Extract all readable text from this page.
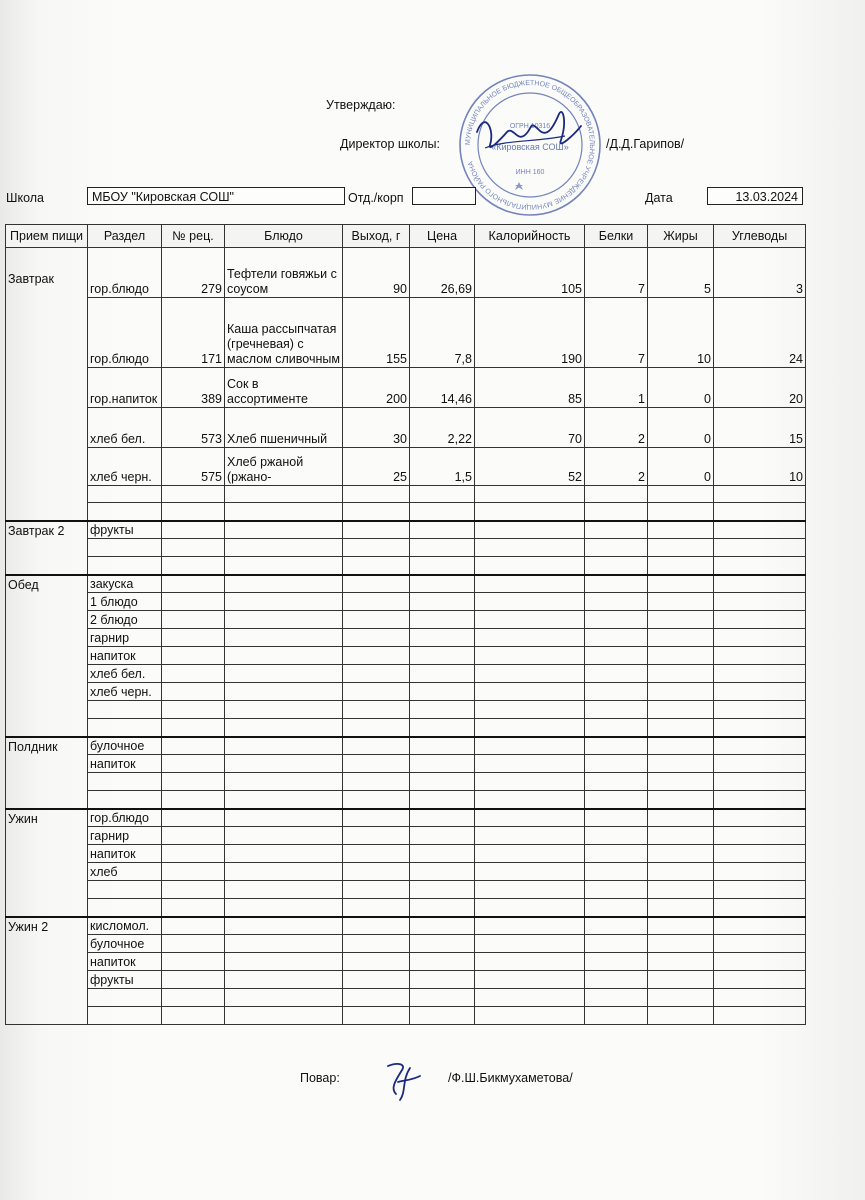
Утверждаю:
Директор школы:	/Д.Д.Гарипов/
МУНИЦИПАЛЬНОЕ БЮДЖЕТНОЕ ОБЩЕОБРАЗОВАТЕЛЬНОЕ УЧРЕЖДЕНИЕ МУНИЦИПАЛЬНОГО РАЙОНА
ОГРН 10316
«Кировская СОШ»
ИНН 160
Школа	МБОУ "Кировская СОШ"	Отд./корп	Дата	13.03.2024
Прием пищи	Раздел	№ рец.	Блюдо	Выход, г	Цена	Калорийность	Белки	Жиры	Углеводы
Завтрак	гор.блюдо	279	Тефтели говяжьи с соусом	90	26,69	105	7	5	3
	гор.блюдо	171	Каша рассыпчатая (гречневая) с маслом сливочным	155	7,8	190	7	10	24
	гор.напиток	389	Сок в ассортименте	200	14,46	85	1	0	20
	хлеб бел.	573	Хлеб пшеничный	30	2,22	70	2	0	15
	хлеб черн.	575	Хлеб ржаной (ржано-	25	1,5	52	2	0	10

Завтрак 2	фрукты								

Обед	закуска								
	1 блюдо								
	2 блюдо								
	гарнир								
	напиток								
	хлеб бел.								
	хлеб черн.								

Полдник	булочное								
	напиток								

Ужин	гор.блюдо								
	гарнир								
	напиток								
	хлеб								

Ужин 2	кисломол.								
	булочное								
	напиток								
	фрукты								

Повар:	/Ф.Ш.Бикмухаметова/
